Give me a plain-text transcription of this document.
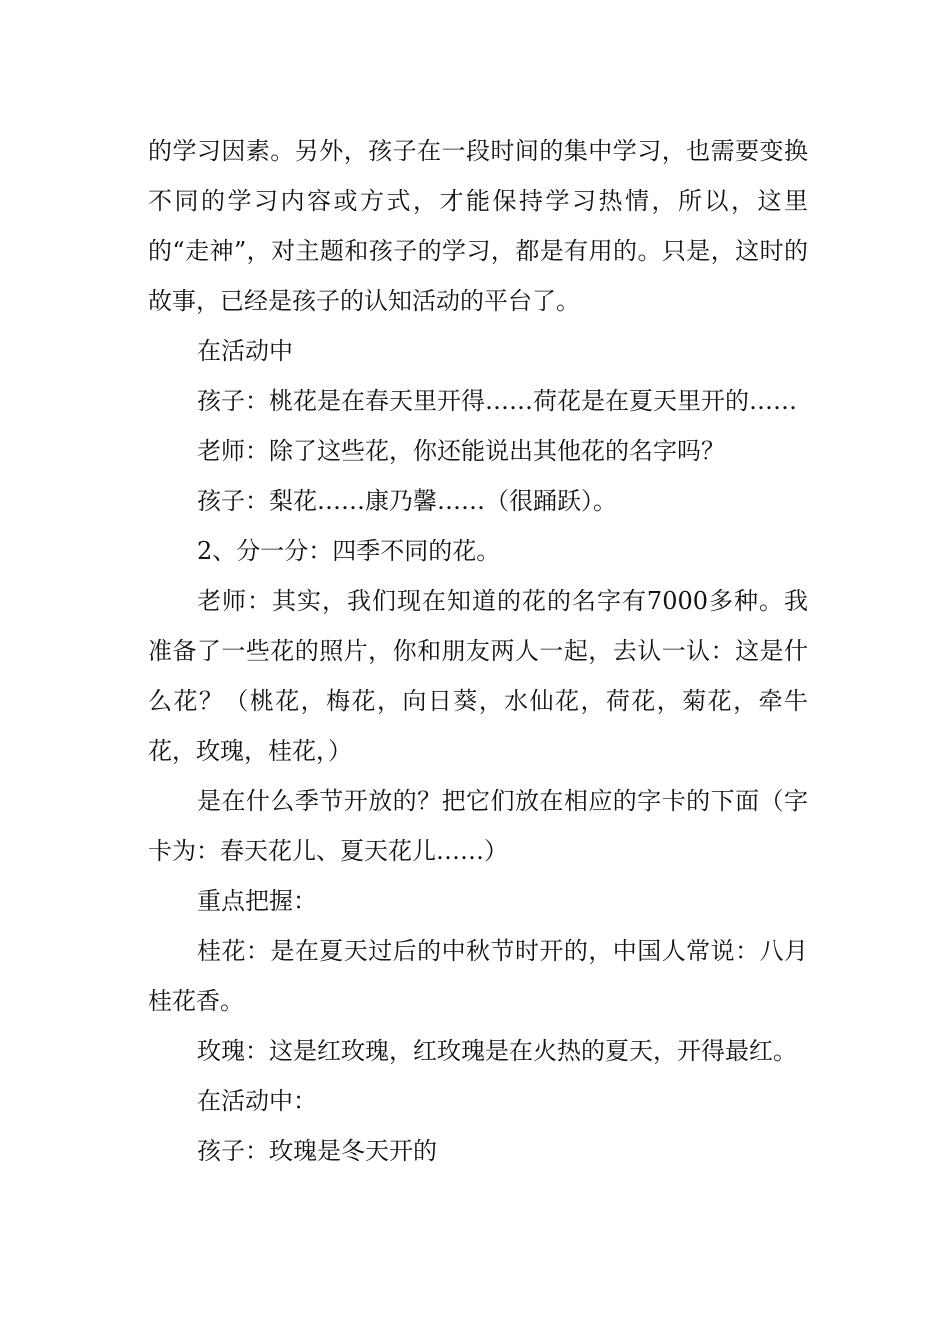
的学习因素。另外，孩子在一段时间的集中学习，也需要变换不同的学习内容或方式，才能保持学习热情，所以，这里的“走神”，对主题和孩子的学习，都是有用的。只是，这时的故事，已经是孩子的认知活动的平台了。

在活动中

孩子：桃花是在春天里开得……荷花是在夏天里开的……

老师：除了这些花，你还能说出其他花的名字吗？

孩子：梨花……康乃馨……（很踊跃）。

2、分一分：四季不同的花。

老师：其实，我们现在知道的花的名字有7000多种。我准备了一些花的照片，你和朋友两人一起，去认一认：这是什么花？（桃花，梅花，向日葵，水仙花，荷花，菊花，牵牛花，玫瑰，桂花，）

是在什么季节开放的？把它们放在相应的字卡的下面（字卡为：春天花儿、夏天花儿……）

重点把握：

桂花：是在夏天过后的中秋节时开的，中国人常说：八月桂花香。

玫瑰：这是红玫瑰，红玫瑰是在火热的夏天，开得最红。

在活动中：

孩子：玫瑰是冬天开的
